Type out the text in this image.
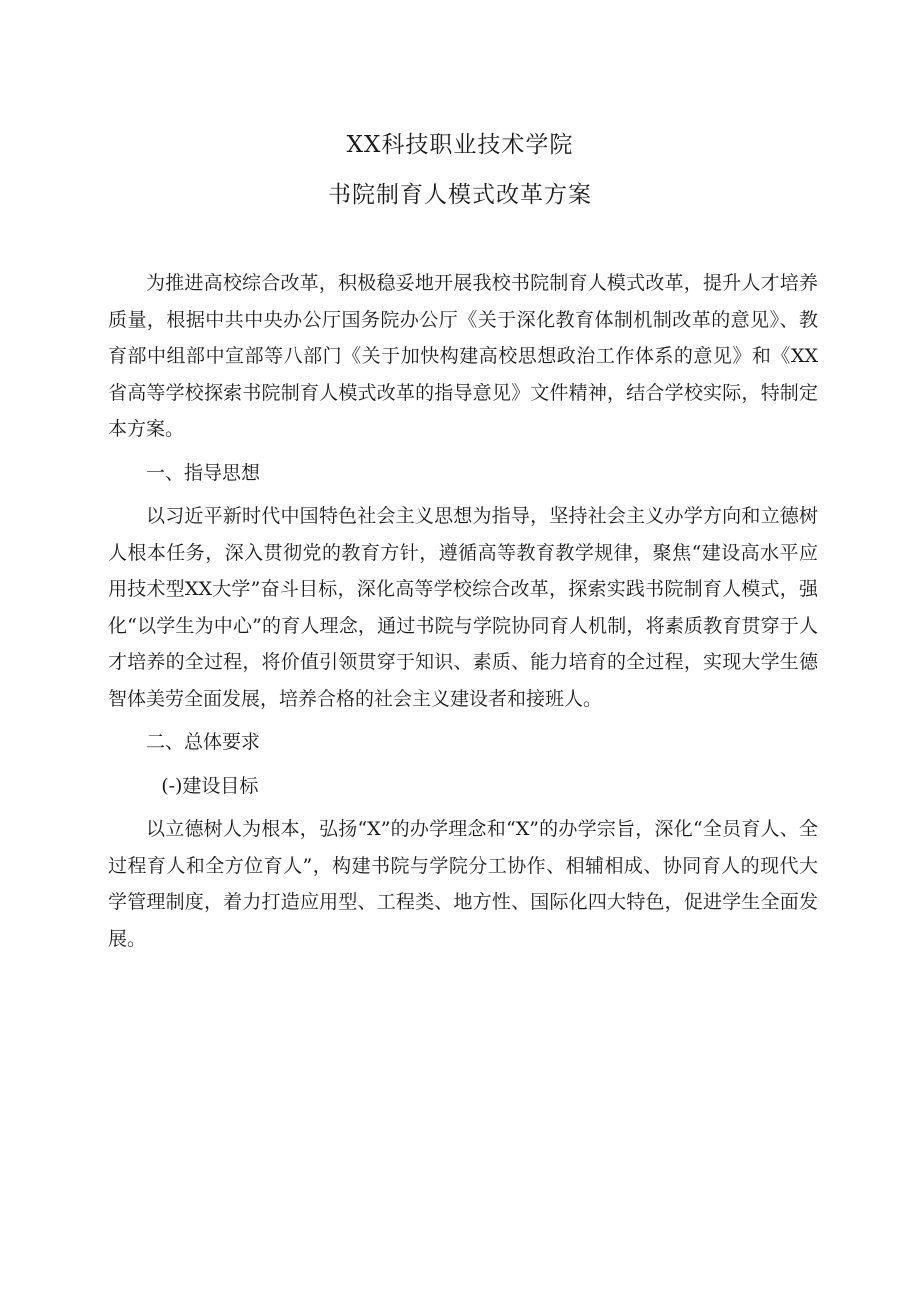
XX科技职业技术学院
书院制育人模式改革方案

为推进高校综合改革，积极稳妥地开展我校书院制育人模式改革，提升人才培养质量，根据中共中央办公厅国务院办公厅《关于深化教育体制机制改革的意见》、教育部中组部中宣部等八部门《关于加快构建高校思想政治工作体系的意见》和《XX省高等学校探索书院制育人模式改革的指导意见》文件精神，结合学校实际，特制定本方案。

一、指导思想

以习近平新时代中国特色社会主义思想为指导，坚持社会主义办学方向和立德树人根本任务，深入贯彻党的教育方针，遵循高等教育教学规律，聚焦“建设高水平应用技术型XX大学”奋斗目标，深化高等学校综合改革，探索实践书院制育人模式，强化“以学生为中心”的育人理念，通过书院与学院协同育人机制，将素质教育贯穿于人才培养的全过程，将价值引领贯穿于知识、素质、能力培育的全过程，实现大学生德智体美劳全面发展，培养合格的社会主义建设者和接班人。

二、总体要求

(-)建设目标

以立德树人为根本，弘扬“X”的办学理念和“X”的办学宗旨，深化“全员育人、全过程育人和全方位育人”，构建书院与学院分工协作、相辅相成、协同育人的现代大学管理制度，着力打造应用型、工程类、地方性、国际化四大特色，促进学生全面发展。
